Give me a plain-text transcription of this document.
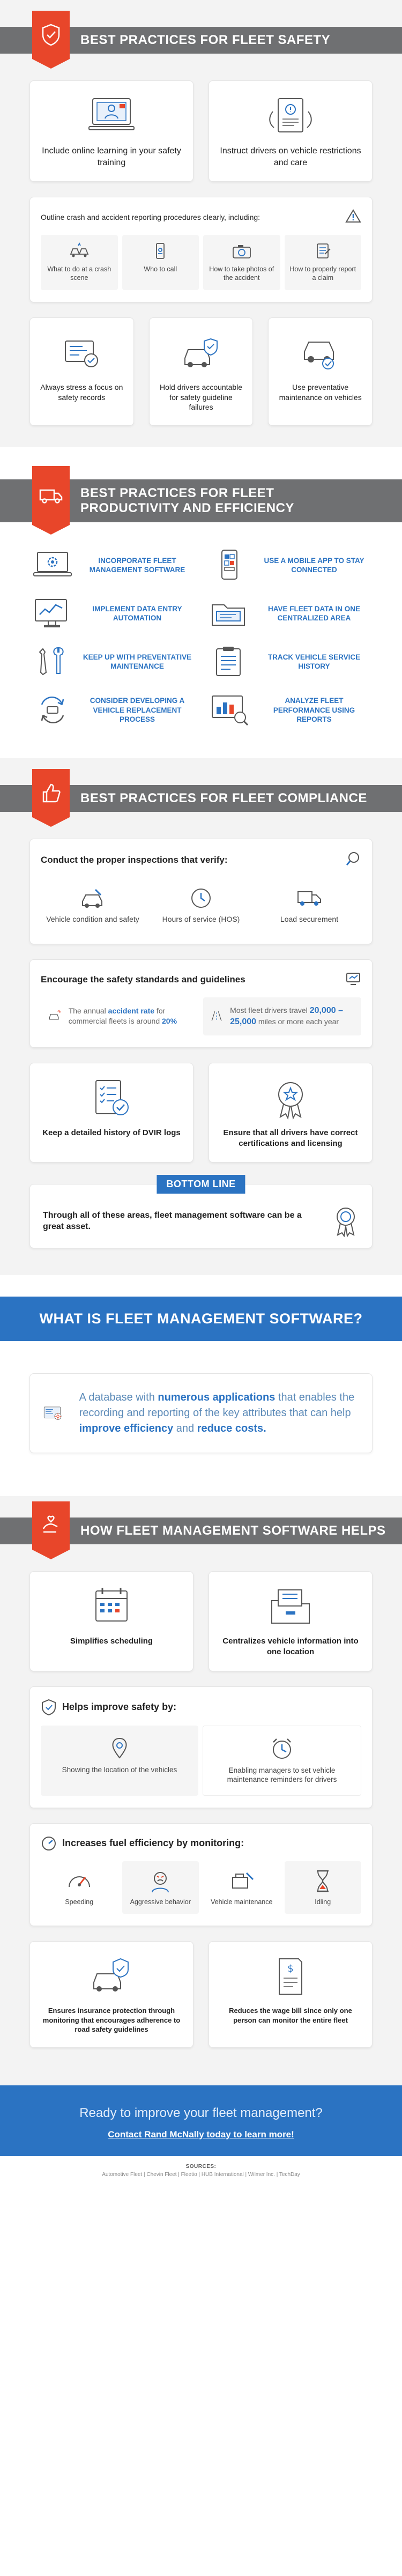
BEST PRACTICES FOR FLEET SAFETY

Include online learning in your safety training

Instruct drivers on vehicle restrictions and care

Outline crash and accident reporting procedures clearly, including:
What to do at a crash scene
Who to call	How to take photos of the accident
How to properly report a claim

Always stress a focus on safety records

Hold drivers accountable for safety guideline failures

Use preventative maintenance on vehicles

BEST PRACTICES FOR FLEET
PRODUCTIVITY AND EFFICIENCY
INCORPORATE FLEET MANAGEMENT SOFTWARE
USE A MOBILE APP TO STAY CONNECTED
IMPLEMENT DATA ENTRY AUTOMATION
HAVE FLEET DATA IN ONE CENTRALIZED AREA
KEEP UP WITH PREVENTATIVE MAINTENANCE
TRACK VEHICLE SERVICE HISTORY
CONSIDER DEVELOPING A VEHICLE REPLACEMENT PROCESS
ANALYZE FLEET PERFORMANCE USING REPORTS
BEST PRACTICES FOR FLEET COMPLIANCE
Conduct the proper inspections that verify:
Vehicle condition and safety	Hours of service (HOS)	Load securement
Encourage the safety standards and guidelines
The annual accident rate for commercial fleets is around 20%
Most fleet drivers travel 20,000 – 25,000 miles or more each year

Keep a detailed history of DVIR logs	Ensure that all drivers have correct certifications and licensing

BOTTOM LINE
Through all of these areas, fleet management software can be a great asset.
WHAT IS FLEET MANAGEMENT SOFTWARE?

A database with numerous applications that enables the recording and reporting of the key attributes that can help improve efficiency and reduce costs.

HOW FLEET MANAGEMENT SOFTWARE HELPS

Simplifies scheduling	Centralizes vehicle information into one location

Helps improve safety by:
Showing the location of the vehicles	Enabling managers to set vehicle maintenance reminders for drivers
Increases fuel efficiency by monitoring:
Speeding	Aggressive behavior	Vehicle maintenance	Idling

Ensures insurance protection through monitoring that encourages adherence to road safety guidelines

$

Reduces the wage bill since only one person can monitor the entire fleet

Ready to improve your fleet management?
Contact Rand McNally today to learn more!
SOURCES:
Automotive Fleet | Chevin Fleet | Fleetio | HUB International | Wilmer Inc. | TechDay
